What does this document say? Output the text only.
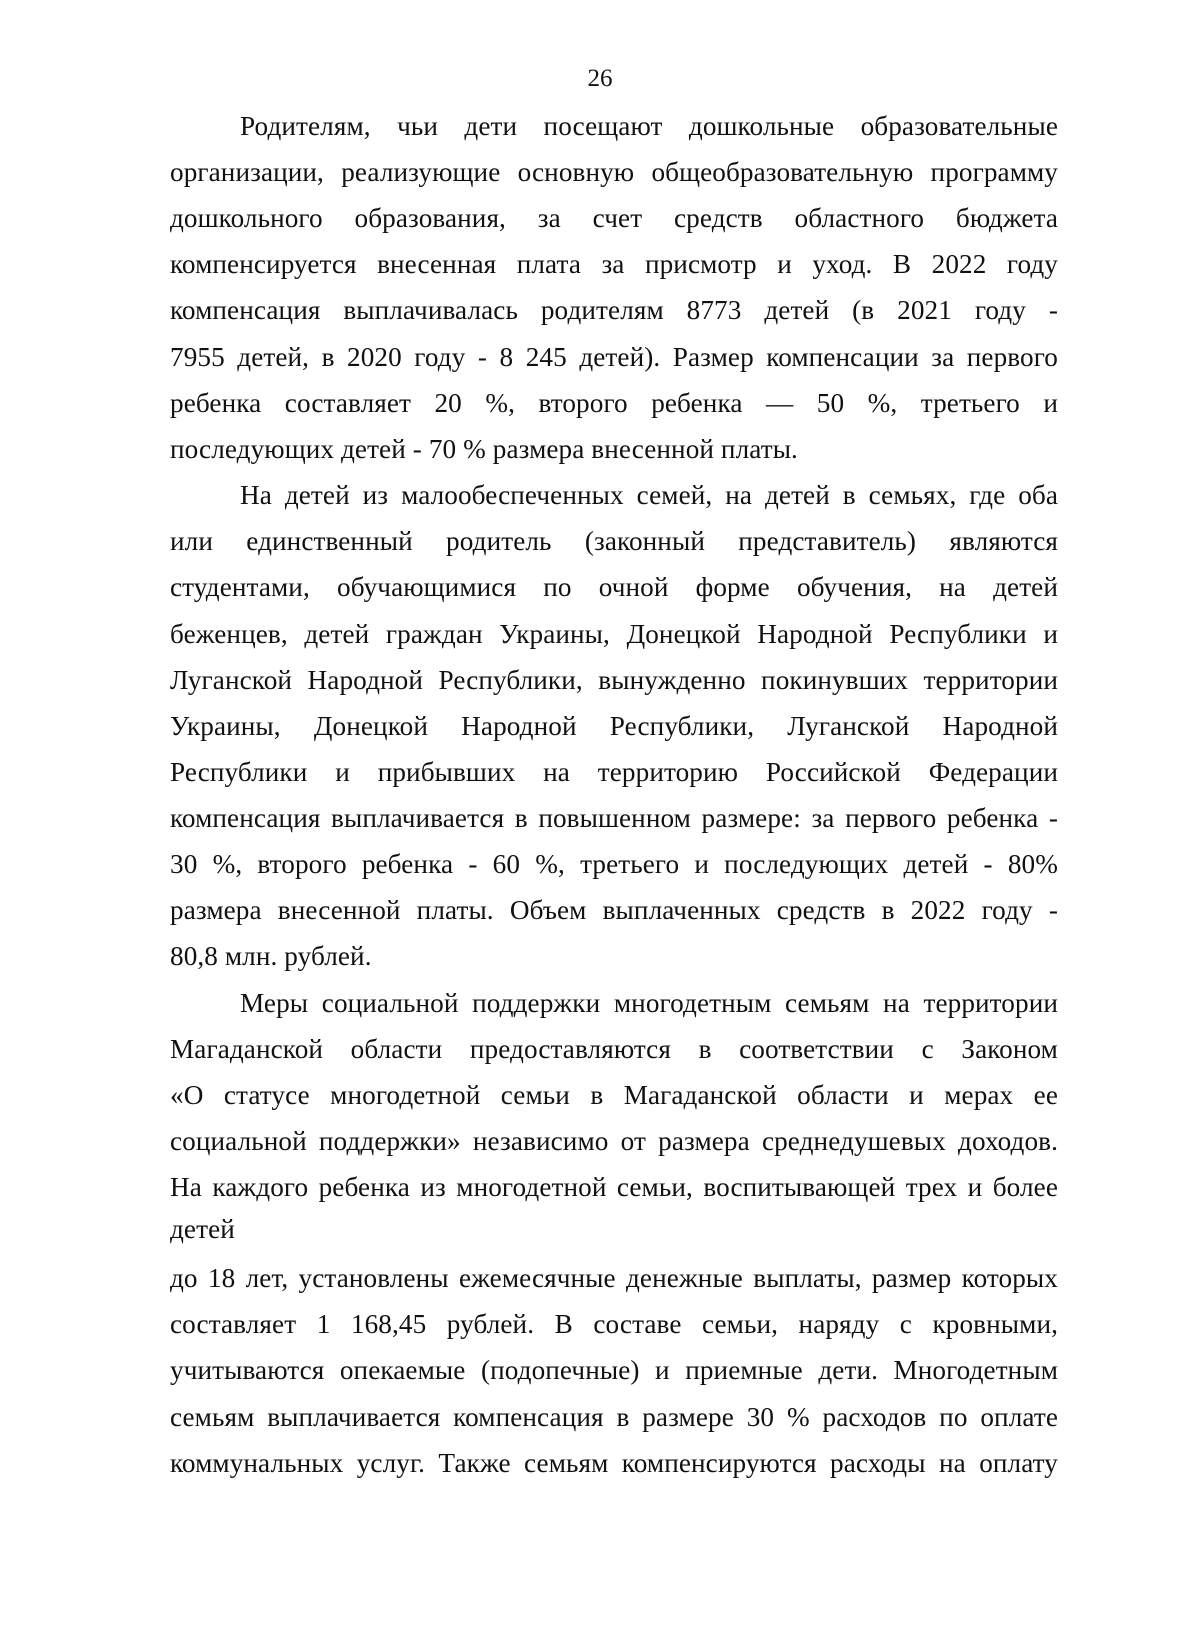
26
Родителям, чьи дети посещают дошкольные образовательные
организации, реализующие основную общеобразовательную программу
дошкольного образования, за счет средств областного бюджета
компенсируется внесенная плата за присмотр и уход. В 2022 году
компенсация выплачивалась родителям 8773 детей (в 2021 году -
7955 детей, в 2020 году - 8 245 детей). Размер компенсации за первого
ребенка составляет 20 %, второго ребенка — 50 %, третьего и
последующих детей - 70 % размера внесенной платы.
На детей из малообеспеченных семей, на детей в семьях, где оба
или единственный родитель (законный представитель) являются
студентами, обучающимися по очной форме обучения, на детей
беженцев, детей граждан Украины, Донецкой Народной Республики и
Луганской Народной Республики, вынужденно покинувших территории
Украины, Донецкой Народной Республики, Луганской Народной
Республики и прибывших на территорию Российской Федерации
компенсация выплачивается в повышенном размере: за первого ребенка -
30 %, второго ребенка - 60 %, третьего и последующих детей - 80%
размера внесенной платы. Объем выплаченных средств в 2022 году -
80,8 млн. рублей.
Меры социальной поддержки многодетным семьям на территории
Магаданской области предоставляются в соответствии с Законом
«О статусе многодетной семьи в Магаданской области и мерах ее
социальной поддержки» независимо от размера среднедушевых доходов.
На каждого ребенка из многодетной семьи, воспитывающей трех и более
детей
до 18 лет, установлены ежемесячные денежные выплаты, размер которых
составляет 1 168,45 рублей. В составе семьи, наряду с кровными,
учитываются опекаемые (подопечные) и приемные дети. Многодетным
семьям выплачивается компенсация в размере 30 % расходов по оплате
коммунальных услуг. Также семьям компенсируются расходы на оплату
